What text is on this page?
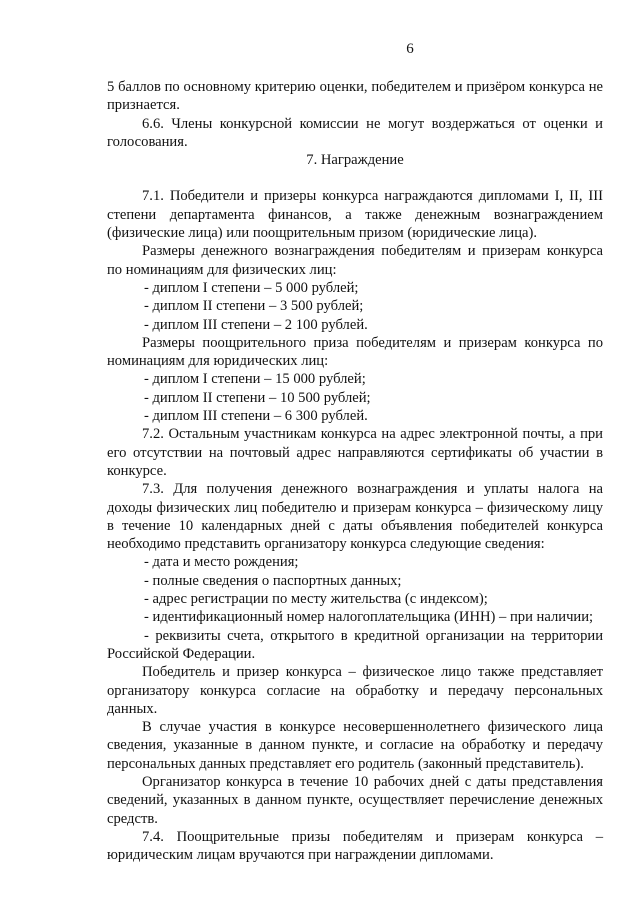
6

5 баллов по основному критерию оценки, победителем и призёром конкурса не признается.

6.6. Члены конкурсной комиссии не могут воздержаться от оценки и голосования.

7. Награждение

7.1. Победители и призеры конкурса награждаются дипломами I, II, III степени департамента финансов, а также денежным вознаграждением (физические лица) или поощрительным призом (юридические лица).

Размеры денежного вознаграждения победителям и призерам конкурса по номинациям для физических лиц:

- диплом I степени – 5 000 рублей;

- диплом II степени – 3 500 рублей;

- диплом III степени – 2 100 рублей.

Размеры поощрительного приза победителям и призерам конкурса по номинациям для юридических лиц:

- диплом I степени – 15 000 рублей;

- диплом II степени – 10 500 рублей;

- диплом III степени – 6 300 рублей.

7.2. Остальным участникам конкурса на адрес электронной почты, а при его отсутствии на почтовый адрес направляются сертификаты об участии в конкурсе.

7.3. Для получения денежного вознаграждения и уплаты налога на доходы физических лиц победителю и призерам конкурса – физическому лицу в течение 10 календарных дней с даты объявления победителей конкурса необходимо представить организатору конкурса следующие сведения:

- дата и место рождения;

- полные сведения о паспортных данных;

- адрес регистрации по месту жительства (с индексом);

- идентификационный номер налогоплательщика (ИНН) – при наличии;

- реквизиты счета, открытого в кредитной организации на территории Российской Федерации.

Победитель и призер конкурса – физическое лицо также представляет организатору конкурса согласие на обработку и передачу персональных данных.

В случае участия в конкурсе несовершеннолетнего физического лица сведения, указанные в данном пункте, и согласие на обработку и передачу персональных данных представляет его родитель (законный представитель).

Организатор конкурса в течение 10 рабочих дней с даты представления сведений, указанных в данном пункте, осуществляет перечисление денежных средств.

7.4. Поощрительные призы победителям и призерам конкурса – юридическим лицам вручаются при награждении дипломами.
